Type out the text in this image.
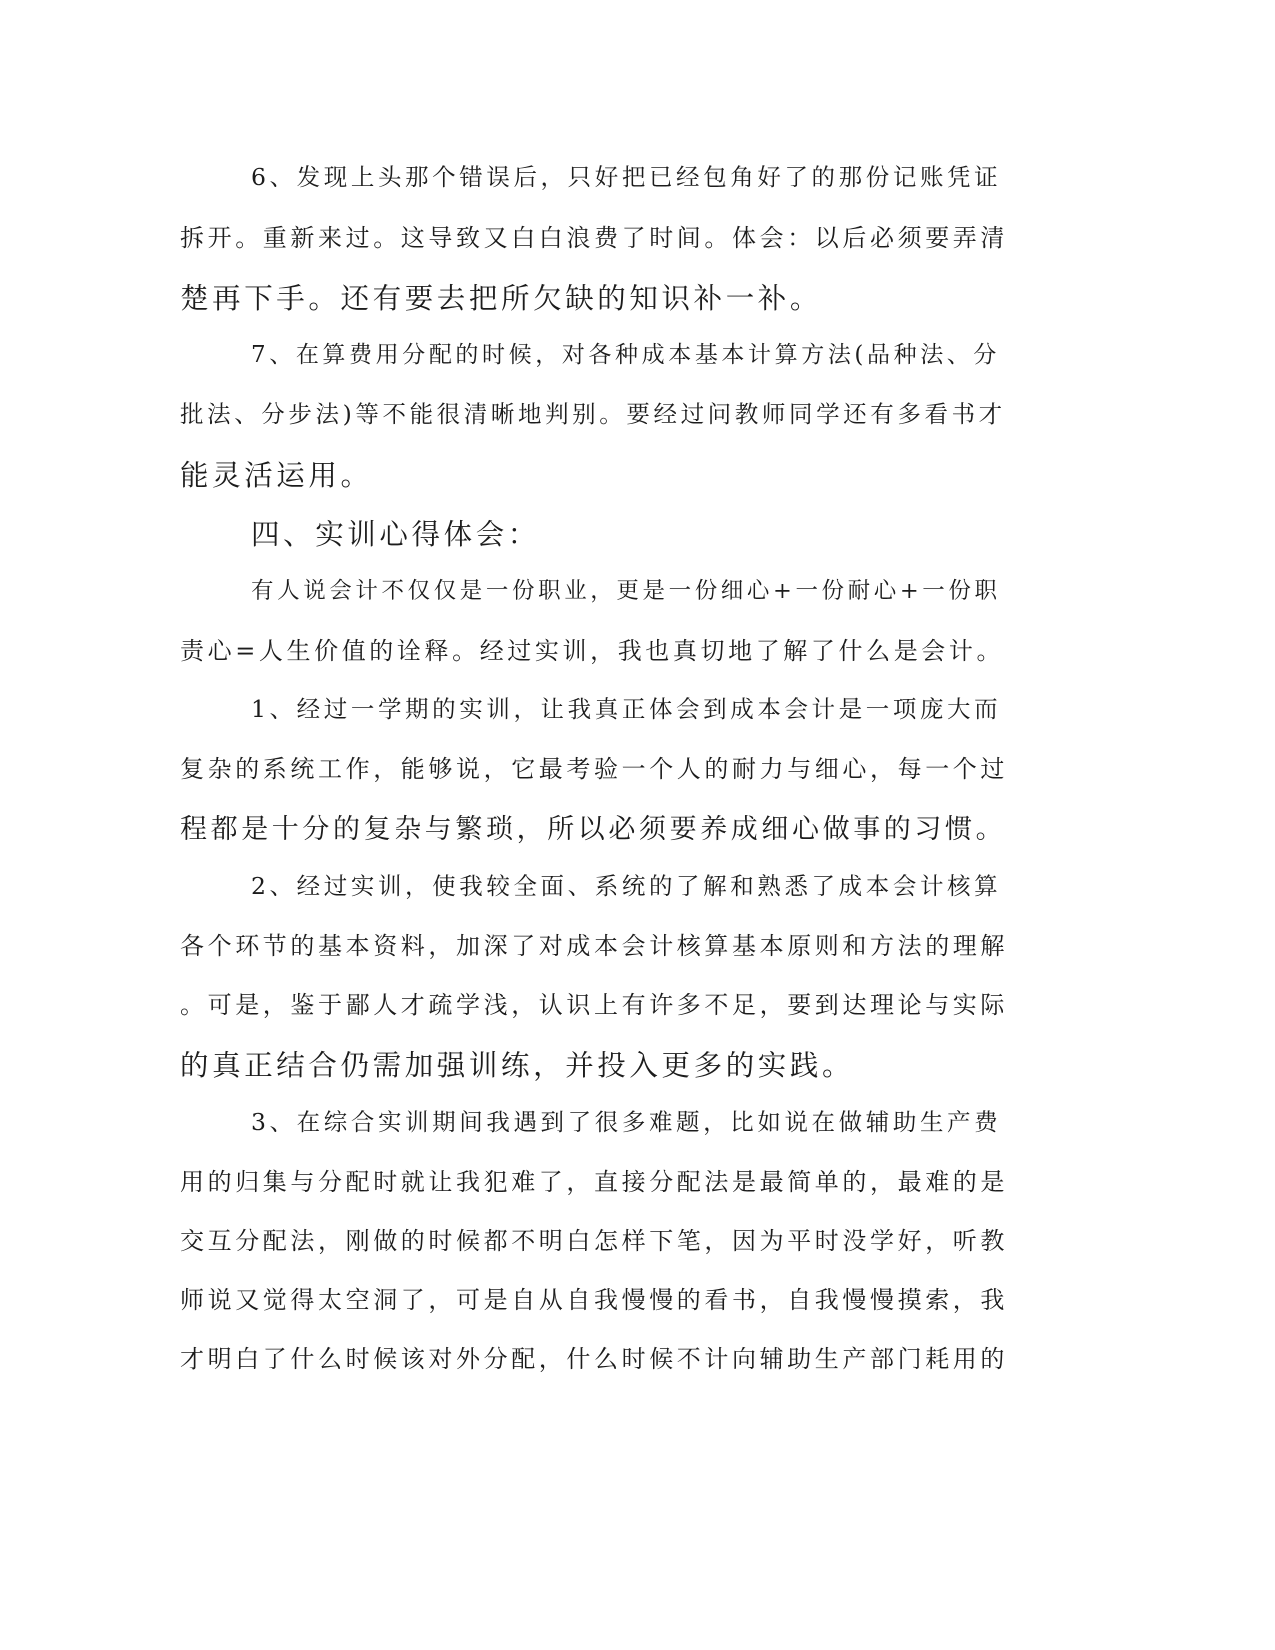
6、发现上头那个错误后，只好把已经包角好了的那份记账凭证
拆开。重新来过。这导致又白白浪费了时间。体会：以后必须要弄清
楚再下手。还有要去把所欠缺的知识补一补。
7、在算费用分配的时候，对各种成本基本计算方法(品种法、分
批法、分步法)等不能很清晰地判别。要经过问教师同学还有多看书才
能灵活运用。
四、实训心得体会：
有人说会计不仅仅是一份职业，更是一份细心+一份耐心+一份职
责心=人生价值的诠释。经过实训，我也真切地了解了什么是会计。
1、经过一学期的实训，让我真正体会到成本会计是一项庞大而
复杂的系统工作，能够说，它最考验一个人的耐力与细心，每一个过
程都是十分的复杂与繁琐，所以必须要养成细心做事的习惯。
2、经过实训，使我较全面、系统的了解和熟悉了成本会计核算
各个环节的基本资料，加深了对成本会计核算基本原则和方法的理解
。可是，鉴于鄙人才疏学浅，认识上有许多不足，要到达理论与实际
的真正结合仍需加强训练，并投入更多的实践。
3、在综合实训期间我遇到了很多难题，比如说在做辅助生产费
用的归集与分配时就让我犯难了，直接分配法是最简单的，最难的是
交互分配法，刚做的时候都不明白怎样下笔，因为平时没学好，听教
师说又觉得太空洞了，可是自从自我慢慢的看书，自我慢慢摸索，我
才明白了什么时候该对外分配，什么时候不计向辅助生产部门耗用的
